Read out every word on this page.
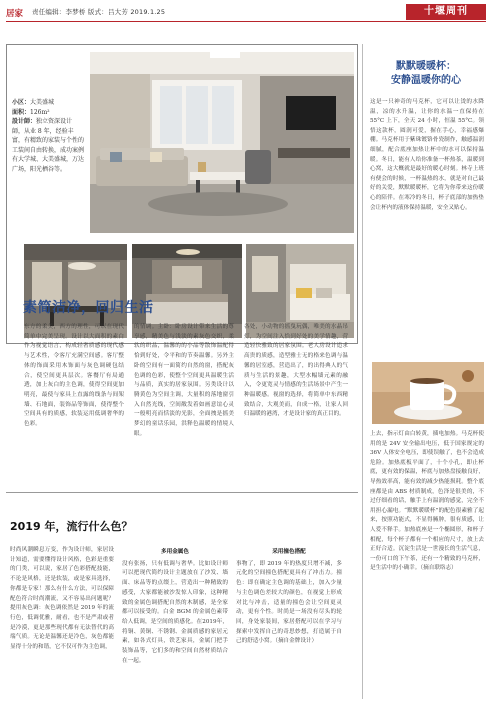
居家 责任编辑：李梦桥 版式：吕大芳 2019.1.25	十堰周刊
小区：大美盛城
面积：126m²
設计師：独立资深设计師，从业 8 年，经验丰富，有精致的家装与个性的工装间自由转换，成功案例有大学城、大美盛城，万达广场，阳光栖谷等。
素简洁净，回归生活
东方的柔美，西方的理性，可以在现代简单中完美呈现。设计以大面积的素白作为视觉语言，构成轻奢质感的现代感与艺术性，令客厅充满空间感。客厅整体的饰面采用木饰面与灰色调硬包结合，使空间更具层次。客餐厅有局通透，加上灰白的主色调，使得空间更加明亮，最使与家具上直露的线条与间架墙、石地面，装饰品等饰面，使得整个空间具有的质感，软装运用低调奢华的色彩。
的情调。主卧：卧房设计带来生活的尊享感，精美色与浅淡的素灰色交织，柔软的织品，温馨的的小品等散饰温配得恰到好处，令平和的节奏温馨。另外主卧的空间有一面简约自然的窗，搭配灰色调的色彩，使整个空间更具温暖生活与品质，真实的居家氛围。另类设计以腾黄色为空间主调，大量积的落地窗引入自然光线，空间敞发着如画意谊心灵一般明亮而恬淡的光影，全面拽是摇美梦幻的童话乐园，洪释色温暖的情境人眼。
各处，小动物的摇曳玩偶，唯美的水晶吊灯，为空间注入恰到好处的美学情趣，营造轻快雅致的居家氛围。老人房设计追求高贵的质感，造型雅士无的格来色调与温馨的居室感，营造出了，的出得典人的气质与生活的景趣，大型水幅墙元素的融入，令更宽灵与情感的生活场景中产生一种温暖感。视窗的选择，将简单中东西精致结合，大观美而，自成一格，让家人回归温暖的港湾，才是设计家的真正目的。
2019 年，流行什么色？
时尚风潮瞬息万变，作为设计师，家居设计知道，需要懂得设计风格，色彩是重要的门类，可以说，家居了色彩搭配技能，不论是风格，还是软装，或是家具选择，你都是专家！那么有什么方法，可以保障配色符合时尚潮流，又不容易出问题呢？提用灰色调：灰色调依然是 2019 年的流行色，低调优雅，耐看，也不是严肃或者是冷漠，更是那些现代都有无法替代的高端气质。无论是温馨还是冷色，灰色都能显得十分的和谐，它不仅可作为主色调，
多用金属色
没有张扬，只有低调与奢华。比如设计师可以把现代简约设计主题放在了沙发、墙面、床品等的点缀上，营造出一种精致的感受，大家都能被沙发惊人印象，这种精致的金属色调搭配自然的木制感，是全家都可以接受的。白金 BGM 的金属色素带给人低调，是空间的质感化。在2019年，将铜、黄铜、不锈钢、金属质感的家居元素，如各式灯具，铁艺家具，金属门把手装饰品等，它们多的和空间自然材质结合在一起。
采用撞色搭配
事物了，即 2019 年的热度只增不减，多元化的空间撞色搭配更具有了冲击力。撞色：即在确定主色调的基础上，加入少量与主色调色差较大的颜色，在视觉上形成对比与冲击，适量的撞色会让空间更灵动，更有个性。时尚是一场没有尽头的轮回，身处家装间，家居搭配可以在学习与探索中发挥自己的奇思妙想，打造属于自己的舒适小窝。（摘自金牌设计）
默默暖暖杯：
安静温暖你的心
这是一只神奇的马克杯，它可以让烫的水降温，凉的水升温，让你的水温一直保持在 55°C 上下，全天 24 小时，恒温 55°C。领悟这款杯，圆润可爱，握在手心，幸福感爆棚。马克杯用于紫珠镀铬骨瓷制作，触感温润细腻，配合底座加热让杯中的水可以保持温暖。冬日，能有人给你准备一杯热茶，温暖到心窝，这大概就是最好的暖心时刻。林寺上班有便会的时候，一杯温热的水，就是对自己最好的关爱，默默暖暖杯，它将为你带来这份暖心的陪伴。在寒冷的冬日，杯子底部的加热垫会让杯内的液体保持温暖，安全又贴心。
上去，指示灯由白转黄，插电加热。马克杯使用的是 24V 安全输出电压，低于国家规定的 36V 人体安全电压，即使误触了，也不会造成危险。加热底板平面了，十个小孔，即止杯底，更有效的保温，杯底与加热盘接触良好，导热效率高，能有效的减少热能损耗。整个底座都是由 ABS 材质制成，色泽是很美的，不过仔细看的话，触手上有温润的感觉，完全不用担心漏电。“默默暖暖杯”的配色很素雅了起来，按照功能式，不显得臃肿，很有质感，让人爱不释手。加热底座是一个椭圆形，和杯子相配，每个杯子都有一个相应的尺寸，放上去正好合适。沉淀生活是一世漫长的生活气息，一份可口的下午茶，还有一个精致的马克杯，是生活中的小确幸。（摘自联络志）
